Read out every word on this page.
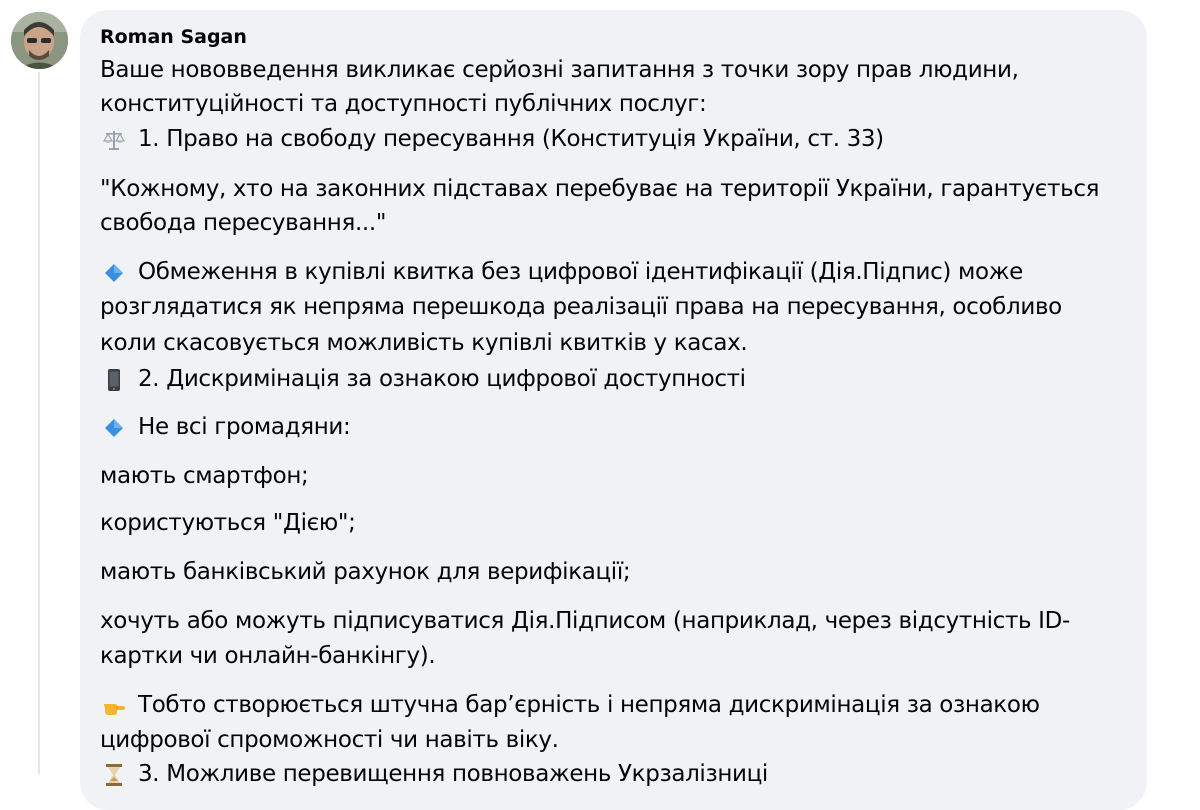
Roman Sagan
Ваше нововведення викликає серйозні запитання з точки зору прав людини,
конституційності та доступності публічних послуг:
1. Право на свободу пересування (Конституція України, ст. 33)
"Кожному, хто на законних підставах перебуває на території України, гарантується
свобода пересування..."
Обмеження в купівлі квитка без цифрової ідентифікації (Дія.Підпис) може
розглядатися як непряма перешкода реалізації права на пересування, особливо
коли скасовується можливість купівлі квитків у касах.
2. Дискримінація за ознакою цифрової доступності
Не всі громадяни:
мають смартфон;
користуються "Дією";
мають банківський рахунок для верифікації;
хочуть або можуть підписуватися Дія.Підписом (наприклад, через відсутність ID-
картки чи онлайн-банкінгу).
Тобто створюється штучна бар’єрність і непряма дискримінація за ознакою
цифрової спроможності чи навіть віку.
3. Можливе перевищення повноважень Укрзалізниці
